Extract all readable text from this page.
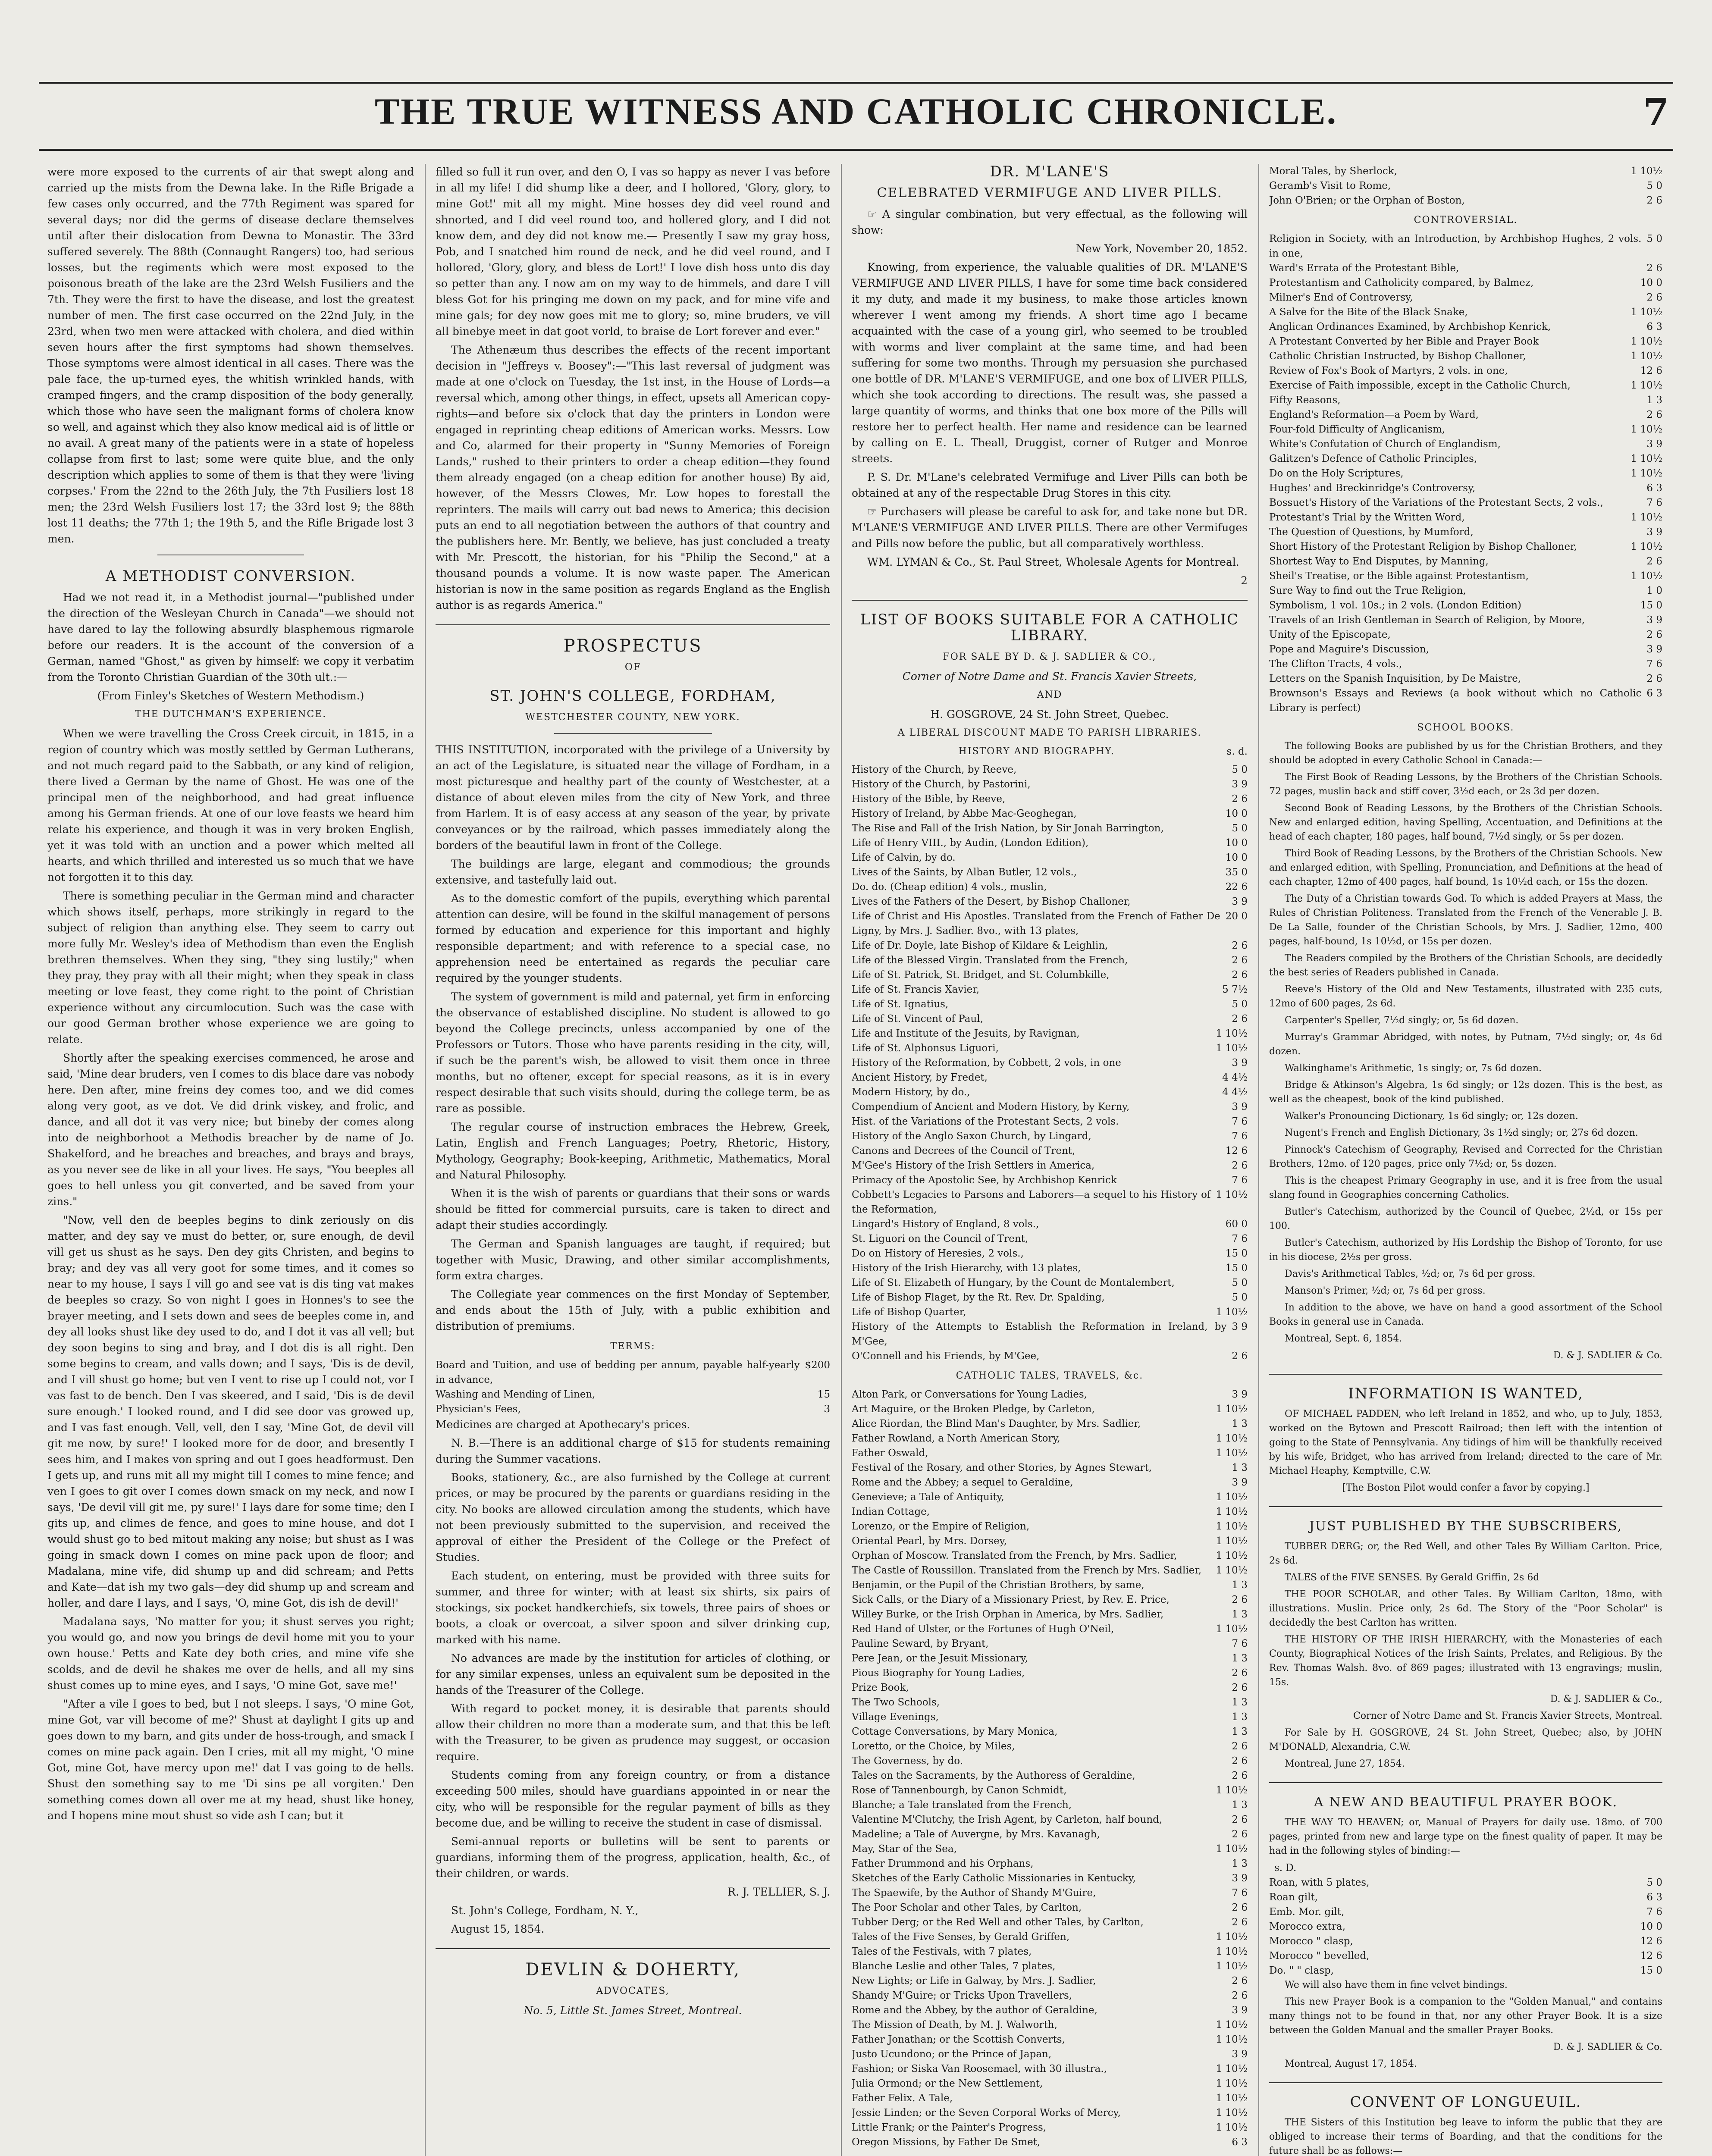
THE TRUE WITNESS AND CATHOLIC CHRONICLE.	7

were more exposed to the currents of air that swept along and carried up the mists from the Dewna lake. In the Rifle Brigade a few cases only occurred, and the 77th Regiment was spared for several days; nor did the germs of disease declare themselves until after their dislocation from Dewna to Monastir. The 33rd suffered severely. The 88th (Connaught Rangers) too, had serious losses, but the regiments which were most exposed to the poisonous breath of the lake are the 23rd Welsh Fusiliers and the 7th. They were the first to have the disease, and lost the greatest number of men. The first case occurred on the 22nd July, in the 23rd, when two men were attacked with cholera, and died within seven hours after the first symptoms had shown themselves. Those symptoms were almost identical in all cases. There was the pale face, the up-turned eyes, the whitish wrinkled hands, with cramped fingers, and the cramp disposition of the body generally, which those who have seen the malignant forms of cholera know so well, and against which they also know medical aid is of little or no avail. A great many of the patients were in a state of hopeless collapse from first to last; some were quite blue, and the only description which applies to some of them is that they were 'living corpses.' From the 22nd to the 26th July, the 7th Fusiliers lost 18 men; the 23rd Welsh Fusiliers lost 17; the 33rd lost 9; the 88th lost 11 deaths; the 77th 1; the 19th 5, and the Rifle Brigade lost 3 men.

A METHODIST CONVERSION.

Had we not read it, in a Methodist journal—"published under the direction of the Wesleyan Church in Canada"—we should not have dared to lay the following absurdly blasphemous rigmarole before our readers. It is the account of the conversion of a German, named "Ghost," as given by himself: we copy it verbatim from the Toronto Christian Guardian of the 30th ult.:—

(From Finley's Sketches of Western Methodism.)

THE DUTCHMAN'S EXPERIENCE.

When we were travelling the Cross Creek circuit, in 1815, in a region of country which was mostly settled by German Lutherans, and not much regard paid to the Sabbath, or any kind of religion, there lived a German by the name of Ghost. He was one of the principal men of the neighborhood, and had great influence among his German friends. At one of our love feasts we heard him relate his experience, and though it was in very broken English, yet it was told with an unction and a power which melted all hearts, and which thrilled and interested us so much that we have not forgotten it to this day.

There is something peculiar in the German mind and character which shows itself, perhaps, more strikingly in regard to the subject of religion than anything else. They seem to carry out more fully Mr. Wesley's idea of Methodism than even the English brethren themselves. When they sing, "they sing lustily;" when they pray, they pray with all their might; when they speak in class meeting or love feast, they come right to the point of Christian experience without any circumlocution. Such was the case with our good German brother whose experience we are going to relate.

Shortly after the speaking exercises commenced, he arose and said, 'Mine dear bruders, ven I comes to dis blace dare vas nobody here. Den after, mine freins dey comes too, and we did comes along very goot, as ve dot. Ve did drink viskey, and frolic, and dance, and all dot it vas very nice; but bineby der comes along into de neighborhoot a Methodis breacher by de name of Jo. Shakelford, and he breaches and breaches, and brays and brays, as you never see de like in all your lives. He says, "You beeples all goes to hell unless you git converted, and be saved from your zins."

"Now, vell den de beeples begins to dink zeriously on dis matter, and dey say ve must do better, or, sure enough, de devil vill get us shust as he says. Den dey gits Christen, and begins to bray; and dey vas all very goot for some times, and it comes so near to my house, I says I vill go and see vat is dis ting vat makes de beeples so crazy. So von night I goes in Honnes's to see the brayer meeting, and I sets down and sees de beeples come in, and dey all looks shust like dey used to do, and I dot it vas all vell; but dey soon begins to sing and bray, and I dot dis is all right. Den some begins to cream, and valls down; and I says, 'Dis is de devil, and I vill shust go home; but ven I vent to rise up I could not, vor I vas fast to de bench. Den I vas skeered, and I said, 'Dis is de devil sure enough.' I looked round, and I did see door vas growed up, and I vas fast enough. Vell, vell, den I say, 'Mine Got, de devil vill git me now, by sure!' I looked more for de door, and bresently I sees him, and I makes von spring and out I goes headformust. Den I gets up, and runs mit all my might till I comes to mine fence; and ven I goes to git over I comes down smack on my neck, and now I says, 'De devil vill git me, py sure!' I lays dare for some time; den I gits up, and climes de fence, and goes to mine house, and dot I would shust go to bed mitout making any noise; but shust as I was going in smack down I comes on mine pack upon de floor; and Madalana, mine vife, did shump up and did schream; and Petts and Kate—dat ish my two gals—dey did shump up and scream and holler, and dare I lays, and I says, 'O, mine Got, dis ish de devil!'

Madalana says, 'No matter for you; it shust serves you right; you would go, and now you brings de devil home mit you to your own house.' Petts and Kate dey both cries, and mine vife she scolds, and de devil he shakes me over de hells, and all my sins shust comes up to mine eyes, and I says, 'O mine Got, save me!'

"After a vile I goes to bed, but I not sleeps. I says, 'O mine Got, mine Got, var vill become of me?' Shust at daylight I gits up and goes down to my barn, and gits under de hoss-trough, and smack I comes on mine pack again. Den I cries, mit all my might, 'O mine Got, mine Got, have mercy upon me!' dat I vas going to de hells. Shust den something say to me 'Di sins pe all vorgiten.' Den something comes down all over me at my head, shust like honey, and I hopens mine mout shust so vide ash I can; but it

filled so full it run over, and den O, I vas so happy as never I vas before in all my life! I did shump like a deer, and I hollored, 'Glory, glory, to mine Got!' mit all my might. Mine hosses dey did veel round and shnorted, and I did veel round too, and hollered glory, and I did not know dem, and dey did not know me.— Presently I saw my gray hoss, Pob, and I snatched him round de neck, and he did veel round, and I hollored, 'Glory, glory, and bless de Lort!' I love dish hoss unto dis day so petter than any. I now am on my way to de himmels, and dare I vill bless Got for his pringing me down on my pack, and for mine vife and mine gals; for dey now goes mit me to glory; so, mine bruders, ve vill all binebye meet in dat goot vorld, to braise de Lort forever and ever."

The Athenæum thus describes the effects of the recent important decision in "Jeffreys v. Boosey":—"This last reversal of judgment was made at one o'clock on Tuesday, the 1st inst, in the House of Lords—a reversal which, among other things, in effect, upsets all American copy-rights—and before six o'clock that day the printers in London were engaged in reprinting cheap editions of American works. Messrs. Low and Co, alarmed for their property in "Sunny Memories of Foreign Lands," rushed to their printers to order a cheap edition—they found them already engaged (on a cheap edition for another house) By aid, however, of the Messrs Clowes, Mr. Low hopes to forestall the reprinters. The mails will carry out bad news to America; this decision puts an end to all negotiation between the authors of that country and the publishers here. Mr. Bently, we believe, has just concluded a treaty with Mr. Prescott, the historian, for his "Philip the Second," at a thousand pounds a volume. It is now waste paper. The American historian is now in the same position as regards England as the English author is as regards America."

PROSPECTUS

OF

ST. JOHN'S COLLEGE, FORDHAM,

WESTCHESTER COUNTY, NEW YORK.

THIS INSTITUTION, incorporated with the privilege of a University by an act of the Legislature, is situated near the village of Fordham, in a most picturesque and healthy part of the county of Westchester, at a distance of about eleven miles from the city of New York, and three from Harlem. It is of easy access at any season of the year, by private conveyances or by the railroad, which passes immediately along the borders of the beautiful lawn in front of the College.

The buildings are large, elegant and commodious; the grounds extensive, and tastefully laid out.

As to the domestic comfort of the pupils, everything which parental attention can desire, will be found in the skilful management of persons formed by education and experience for this important and highly responsible department; and with reference to a special case, no apprehension need be entertained as regards the peculiar care required by the younger students.

The system of government is mild and paternal, yet firm in enforcing the observance of established discipline. No student is allowed to go beyond the College precincts, unless accompanied by one of the Professors or Tutors. Those who have parents residing in the city, will, if such be the parent's wish, be allowed to visit them once in three months, but no oftener, except for special reasons, as it is in every respect desirable that such visits should, during the college term, be as rare as possible.

The regular course of instruction embraces the Hebrew, Greek, Latin, English and French Languages; Poetry, Rhetoric, History, Mythology, Geography; Book-keeping, Arithmetic, Mathematics, Moral and Natural Philosophy.

When it is the wish of parents or guardians that their sons or wards should be fitted for commercial pursuits, care is taken to direct and adapt their studies accordingly.

The German and Spanish languages are taught, if required; but together with Music, Drawing, and other similar accomplishments, form extra charges.

The Collegiate year commences on the first Monday of September, and ends about the 15th of July, with a public exhibition and distribution of premiums.

TERMS:

Board and Tuition, and use of bedding per annum, payable half-yearly in advance,
$200
Washing and Mending of Linen,	15
Physician's Fees,	3

Medicines are charged at Apothecary's prices.

N. B.—There is an additional charge of $15 for students remaining during the Summer vacations.

Books, stationery, &c., are also furnished by the College at current prices, or may be procured by the parents or guardians residing in the city. No books are allowed circulation among the students, which have not been previously submitted to the supervision, and received the approval of either the President of the College or the Prefect of Studies.

Each student, on entering, must be provided with three suits for summer, and three for winter; with at least six shirts, six pairs of stockings, six pocket handkerchiefs, six towels, three pairs of shoes or boots, a cloak or overcoat, a silver spoon and silver drinking cup, marked with his name.

No advances are made by the institution for articles of clothing, or for any similar expenses, unless an equivalent sum be deposited in the hands of the Treasurer of the College.

With regard to pocket money, it is desirable that parents should allow their children no more than a moderate sum, and that this be left with the Treasurer, to be given as prudence may suggest, or occasion require.

Students coming from any foreign country, or from a distance exceeding 500 miles, should have guardians appointed in or near the city, who will be responsible for the regular payment of bills as they become due, and be willing to receive the student in case of dismissal.

Semi-annual reports or bulletins will be sent to parents or guardians, informing them of the progress, application, health, &c., of their children, or wards.

R. J. TELLIER, S. J.

St. John's College, Fordham, N. Y.,

August 15, 1854.

DEVLIN & DOHERTY,

ADVOCATES,

No. 5, Little St. James Street, Montreal.

DR. M'LANE'S
CELEBRATED VERMIFUGE AND LIVER PILLS.

☞ A singular combination, but very effectual, as the following will show:

New York, November 20, 1852.

Knowing, from experience, the valuable qualities of DR. M'LANE'S VERMIFUGE AND LIVER PILLS, I have for some time back considered it my duty, and made it my business, to make those articles known wherever I went among my friends. A short time ago I became acquainted with the case of a young girl, who seemed to be troubled with worms and liver complaint at the same time, and had been suffering for some two months. Through my persuasion she purchased one bottle of DR. M'LANE'S VERMIFUGE, and one box of LIVER PILLS, which she took according to directions. The result was, she passed a large quantity of worms, and thinks that one box more of the Pills will restore her to perfect health. Her name and residence can be learned by calling on E. L. Theall, Druggist, corner of Rutger and Monroe streets.

P. S. Dr. M'Lane's celebrated Vermifuge and Liver Pills can both be obtained at any of the respectable Drug Stores in this city.

☞ Purchasers will please be careful to ask for, and take none but DR. M'LANE'S VERMIFUGE AND LIVER PILLS. There are other Vermifuges and Pills now before the public, but all comparatively worthless.

WM. LYMAN & Co., St. Paul Street, Wholesale Agents for Montreal.

2

LIST OF BOOKS SUITABLE FOR A CATHOLIC LIBRARY.

FOR SALE BY D. & J. SADLIER & CO.,

Corner of Notre Dame and St. Francis Xavier Streets,

AND

H. GOSGROVE, 24 St. John Street, Quebec.

A LIBERAL DISCOUNT MADE TO PARISH LIBRARIES.

HISTORY AND BIOGRAPHY.	s. d.
History of the Church, by Reeve,	5 0
History of the Church, by Pastorini,	3 9
History of the Bible, by Reeve,	2 6
History of Ireland, by Abbe Mac-Geoghegan,	10 0
The Rise and Fall of the Irish Nation, by Sir Jonah Barrington,	5 0
Life of Henry VIII., by Audin, (London Edition),	10 0
Life of Calvin, by do.	10 0
Lives of the Saints, by Alban Butler, 12 vols.,	35 0
Do. do. (Cheap edition) 4 vols., muslin,	22 6
Lives of the Fathers of the Desert, by Bishop Challoner,	3 9
Life of Christ and His Apostles. Translated from the French of Father De Ligny, by Mrs. J. Sadlier. 8vo., with 13 plates,
20 0
Life of Dr. Doyle, late Bishop of Kildare & Leighlin,	2 6
Life of the Blessed Virgin. Translated from the French,	2 6
Life of St. Patrick, St. Bridget, and St. Columbkille,	2 6
Life of St. Francis Xavier,	5 7½
Life of St. Ignatius,	5 0
Life of St. Vincent of Paul,	2 6
Life and Institute of the Jesuits, by Ravignan,	1 10½
Life of St. Alphonsus Liguori,	1 10½
History of the Reformation, by Cobbett, 2 vols, in one	3 9
Ancient History, by Fredet,	4 4½
Modern History, by do.,	4 4½
Compendium of Ancient and Modern History, by Kerny,	3 9
Hist. of the Variations of the Protestant Sects, 2 vols.	7 6
History of the Anglo Saxon Church, by Lingard,	7 6
Canons and Decrees of the Council of Trent,	12 6
M'Gee's History of the Irish Settlers in America,	2 6
Primacy of the Apostolic See, by Archbishop Kenrick	7 6
Cobbett's Legacies to Parsons and Laborers—a sequel to his History of the Reformation,
1 10½
Lingard's History of England, 8 vols.,	60 0
St. Liguori on the Council of Trent,	7 6
Do on History of Heresies, 2 vols.,	15 0
History of the Irish Hierarchy, with 13 plates,	15 0
Life of St. Elizabeth of Hungary, by the Count de Montalembert,	5 0
Life of Bishop Flaget, by the Rt. Rev. Dr. Spalding,	5 0
Life of Bishop Quarter,	1 10½
History of the Attempts to Establish the Reformation in Ireland, by M'Gee,
3 9
O'Connell and his Friends, by M'Gee,	2 6

CATHOLIC TALES, TRAVELS, &c.

Alton Park, or Conversations for Young Ladies,	3 9
Art Maguire, or the Broken Pledge, by Carleton,	1 10½
Alice Riordan, the Blind Man's Daughter, by Mrs. Sadlier,	1 3
Father Rowland, a North American Story,	1 10½
Father Oswald,	1 10½
Festival of the Rosary, and other Stories, by Agnes Stewart,	1 3
Rome and the Abbey; a sequel to Geraldine,	3 9
Genevieve; a Tale of Antiquity,	1 10½
Indian Cottage,	1 10½
Lorenzo, or the Empire of Religion,	1 10½
Oriental Pearl, by Mrs. Dorsey,	1 10½
Orphan of Moscow. Translated from the French, by Mrs. Sadlier,	1 10½
The Castle of Roussillon. Translated from the French by Mrs. Sadlier,	1 10½
Benjamin, or the Pupil of the Christian Brothers, by same,	1 3
Sick Calls, or the Diary of a Missionary Priest, by Rev. E. Price,	2 6
Willey Burke, or the Irish Orphan in America, by Mrs. Sadlier,	1 3
Red Hand of Ulster, or the Fortunes of Hugh O'Neil,	1 10½
Pauline Seward, by Bryant,	7 6
Pere Jean, or the Jesuit Missionary,	1 3
Pious Biography for Young Ladies,	2 6
Prize Book,	2 6
The Two Schools,	1 3
Village Evenings,	1 3
Cottage Conversations, by Mary Monica,	1 3
Loretto, or the Choice, by Miles,	2 6
The Governess, by do.	2 6
Tales on the Sacraments, by the Authoress of Geraldine,	2 6
Rose of Tannenbourgh, by Canon Schmidt,	1 10½
Blanche; a Tale translated from the French,	1 3
Valentine M'Clutchy, the Irish Agent, by Carleton, half bound,	2 6
Madeline; a Tale of Auvergne, by Mrs. Kavanagh,	2 6
May, Star of the Sea,	1 10½
Father Drummond and his Orphans,	1 3
Sketches of the Early Catholic Missionaries in Kentucky,	3 9
The Spaewife, by the Author of Shandy M'Guire,	7 6
The Poor Scholar and other Tales, by Carlton,	2 6
Tubber Derg; or the Red Well and other Tales, by Carlton,	2 6
Tales of the Five Senses, by Gerald Griffen,	1 10½
Tales of the Festivals, with 7 plates,	1 10½
Blanche Leslie and other Tales, 7 plates,	1 10½
New Lights; or Life in Galway, by Mrs. J. Sadlier,	2 6
Shandy M'Guire; or Tricks Upon Travellers,	2 6
Rome and the Abbey, by the author of Geraldine,	3 9
The Mission of Death, by M. J. Walworth,	1 10½
Father Jonathan; or the Scottish Converts,	1 10½
Justo Ucundono; or the Prince of Japan,	3 9
Fashion; or Siska Van Roosemael, with 30 illustra.,	1 10½
Julia Ormond; or the New Settlement,	1 10½
Father Felix. A Tale,	1 10½
Jessie Linden; or the Seven Corporal Works of Mercy,	1 10½
Little Frank; or the Painter's Progress,	1 10½
Oregon Missions, by Father De Smet,	6 3
Moral Tales, by Sherlock,	1 10½
Geramb's Visit to Rome,	5 0
John O'Brien; or the Orphan of Boston,	2 6

CONTROVERSIAL.

Religion in Society, with an Introduction, by Archbishop Hughes, 2 vols. in one,
5 0
Ward's Errata of the Protestant Bible,	2 6
Protestantism and Catholicity compared, by Balmez,	10 0
Milner's End of Controversy,	2 6
A Salve for the Bite of the Black Snake,	1 10½
Anglican Ordinances Examined, by Archbishop Kenrick,	6 3
A Protestant Converted by her Bible and Prayer Book	1 10½
Catholic Christian Instructed, by Bishop Challoner,	1 10½
Review of Fox's Book of Martyrs, 2 vols. in one,	12 6
Exercise of Faith impossible, except in the Catholic Church,	1 10½
Fifty Reasons,	1 3
England's Reformation—a Poem by Ward,	2 6
Four-fold Difficulty of Anglicanism,	1 10½
White's Confutation of Church of Englandism,	3 9
Galitzen's Defence of Catholic Principles,	1 10½
Do on the Holy Scriptures,	1 10½
Hughes' and Breckinridge's Controversy,	6 3
Bossuet's History of the Variations of the Protestant Sects, 2 vols.,	7 6
Protestant's Trial by the Written Word,	1 10½
The Question of Questions, by Mumford,	3 9
Short History of the Protestant Religion by Bishop Challoner,	1 10½
Shortest Way to End Disputes, by Manning,	2 6
Sheil's Treatise, or the Bible against Protestantism,	1 10½
Sure Way to find out the True Religion,	1 0
Symbolism, 1 vol. 10s.; in 2 vols. (London Edition)	15 0
Travels of an Irish Gentleman in Search of Religion, by Moore,	3 9
Unity of the Episcopate,	2 6
Pope and Maguire's Discussion,	3 9
The Clifton Tracts, 4 vols.,	7 6
Letters on the Spanish Inquisition, by De Maistre,	2 6
Brownson's Essays and Reviews (a book without which no Catholic Library is perfect)
6 3

SCHOOL BOOKS.

The following Books are published by us for the Christian Brothers, and they should be adopted in every Catholic School in Canada:—

The First Book of Reading Lessons, by the Brothers of the Christian Schools. 72 pages, muslin back and stiff cover, 3½d each, or 2s 3d per dozen.

Second Book of Reading Lessons, by the Brothers of the Christian Schools. New and enlarged edition, having Spelling, Accentuation, and Definitions at the head of each chapter, 180 pages, half bound, 7½d singly, or 5s per dozen.

Third Book of Reading Lessons, by the Brothers of the Christian Schools. New and enlarged edition, with Spelling, Pronunciation, and Definitions at the head of each chapter, 12mo of 400 pages, half bound, 1s 10½d each, or 15s the dozen.

The Duty of a Christian towards God. To which is added Prayers at Mass, the Rules of Christian Politeness. Translated from the French of the Venerable J. B. De La Salle, founder of the Christian Schools, by Mrs. J. Sadlier, 12mo, 400 pages, half-bound, 1s 10½d, or 15s per dozen.

The Readers compiled by the Brothers of the Christian Schools, are decidedly the best series of Readers published in Canada.

Reeve's History of the Old and New Testaments, illustrated with 235 cuts, 12mo of 600 pages, 2s 6d.

Carpenter's Speller, 7½d singly; or, 5s 6d dozen.

Murray's Grammar Abridged, with notes, by Putnam, 7½d singly; or, 4s 6d dozen.

Walkinghame's Arithmetic, 1s singly; or, 7s 6d dozen.

Bridge & Atkinson's Algebra, 1s 6d singly; or 12s dozen. This is the best, as well as the cheapest, book of the kind published.

Walker's Pronouncing Dictionary, 1s 6d singly; or, 12s dozen.

Nugent's French and English Dictionary, 3s 1½d singly; or, 27s 6d dozen.

Pinnock's Catechism of Geography, Revised and Corrected for the Christian Brothers, 12mo. of 120 pages, price only 7½d; or, 5s dozen.

This is the cheapest Primary Geography in use, and it is free from the usual slang found in Geographies concerning Catholics.

Butler's Catechism, authorized by the Council of Quebec, 2½d, or 15s per 100.

Butler's Catechism, authorized by His Lordship the Bishop of Toronto, for use in his diocese, 2½s per gross.

Davis's Arithmetical Tables, ½d; or, 7s 6d per gross.

Manson's Primer, ½d; or, 7s 6d per gross.

In addition to the above, we have on hand a good assortment of the School Books in general use in Canada.

Montreal, Sept. 6, 1854.

D. & J. SADLIER & Co.

INFORMATION IS WANTED,

OF MICHAEL PADDEN, who left Ireland in 1852, and who, up to July, 1853, worked on the Bytown and Prescott Railroad; then left with the intention of going to the State of Pennsylvania. Any tidings of him will be thankfully received by his wife, Bridget, who has arrived from Ireland; directed to the care of Mr. Michael Heaphy, Kemptville, C.W.

[The Boston Pilot would confer a favor by copying.]

JUST PUBLISHED BY THE SUBSCRIBERS,

TUBBER DERG; or, the Red Well, and other Tales By William Carlton. Price, 2s 6d.

TALES of the FIVE SENSES. By Gerald Griffin, 2s 6d

THE POOR SCHOLAR, and other Tales. By William Carlton, 18mo, with illustrations. Muslin. Price only, 2s 6d. The Story of the "Poor Scholar" is decidedly the best Carlton has written.

THE HISTORY OF THE IRISH HIERARCHY, with the Monasteries of each County, Biographical Notices of the Irish Saints, Prelates, and Religious. By the Rev. Thomas Walsh. 8vo. of 869 pages; illustrated with 13 engravings; muslin, 15s.

D. & J. SADLIER & Co.,

Corner of Notre Dame and St. Francis Xavier Streets, Montreal.

For Sale by H. GOSGROVE, 24 St. John Street, Quebec; also, by JOHN M'DONALD, Alexandria, C.W.

Montreal, June 27, 1854.

A NEW AND BEAUTIFUL PRAYER BOOK.

THE WAY TO HEAVEN; or, Manual of Prayers for daily use. 18mo. of 700 pages, printed from new and large type on the finest quality of paper. It may be had in the following styles of binding:—

s. D.
Roan, with 5 plates,	5 0
Roan gilt,	6 3
Emb. Mor. gilt,	7 6
Morocco extra,	10 0
Morocco " clasp,	12 6
Morocco " bevelled,	12 6
Do. " " clasp,	15 0

We will also have them in fine velvet bindings.

This new Prayer Book is a companion to the "Golden Manual," and contains many things not to be found in that, nor any other Prayer Book. It is a size between the Golden Manual and the smaller Prayer Books.

D. & J. SADLIER & Co.

Montreal, August 17, 1854.

CONVENT OF LONGUEUIL.

THE Sisters of this Institution beg leave to inform the public that they are obliged to increase their terms of Boarding, and that the conditions for the future shall be as follows:—
